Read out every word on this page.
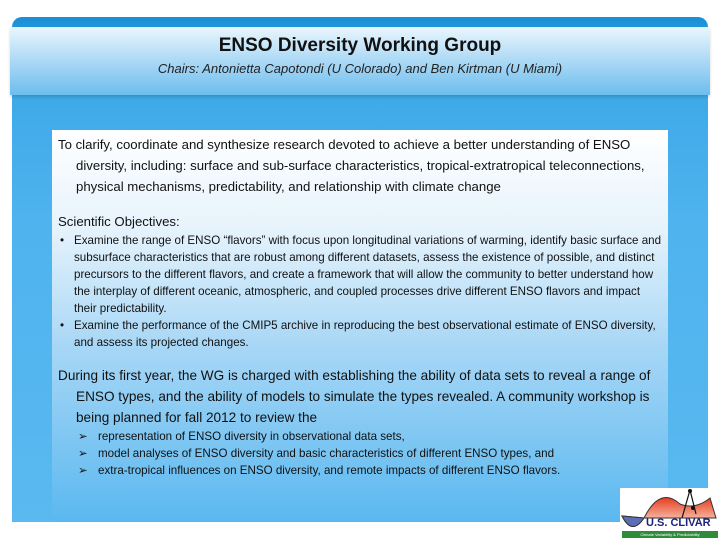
ENSO Diversity Working Group
Chairs: Antonietta Capotondi (U Colorado) and Ben Kirtman (U Miami)

To clarify, coordinate and synthesize research devoted to achieve a better understanding of ENSO diversity, including: surface and sub-surface characteristics, tropical-extratropical teleconnections, physical mechanisms, predictability, and relationship with climate change

Scientific Objectives:

• Examine the range of ENSO “flavors” with focus upon longitudinal variations of warming, identify basic surface and subsurface characteristics that are robust among different datasets, assess the existence of possible, and distinct precursors to the different flavors, and create a framework that will allow the community to better understand how the interplay of different oceanic, atmospheric, and coupled processes drive different ENSO flavors and impact their predictability.

• Examine the performance of the CMIP5 archive in reproducing the best observational estimate of ENSO diversity, and assess its projected changes.

During its first year, the WG is charged with establishing the ability of data sets to reveal a range of ENSO types, and the ability of models to simulate the types revealed. A community workshop is being planned for fall 2012 to review the

➢ representation of ENSO diversity in observational data sets,

➢ model analyses of ENSO diversity and basic characteristics of different ENSO types, and

➢ extra-tropical influences on ENSO diversity, and remote impacts of different ENSO flavors.

U.S. CLIVAR
Climate Variability & Predictability
